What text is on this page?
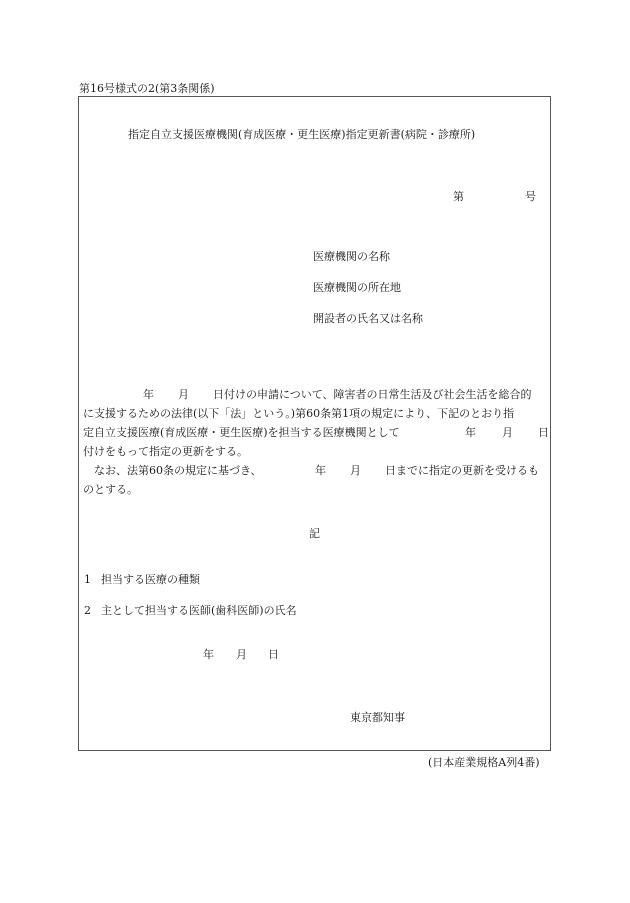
第16号様式の2(第3条関係)
指定自立支援医療機関(育成医療・更生医療)指定更新書(病院・診療所)
第	号
医療機関の名称
医療機関の所在地
開設者の氏名又は名称
年 月 日付けの申請について、障害者の日常生活及び社会生活を総合的
に支援するための法律(以下「法」という。)第60条第1項の規定により、下記のとおり指
定自立支援医療(育成医療・更生医療)を担当する医療機関として	年 月 日
付けをもって指定の更新をする。
なお、法第60条の規定に基づき、	年 月 日までに指定の更新を受けるも
のとする。
記
1 担当する医療の種類
2 主として担当する医師(歯科医師)の氏名
年 月 日
東京都知事
(日本産業規格A列4番)
